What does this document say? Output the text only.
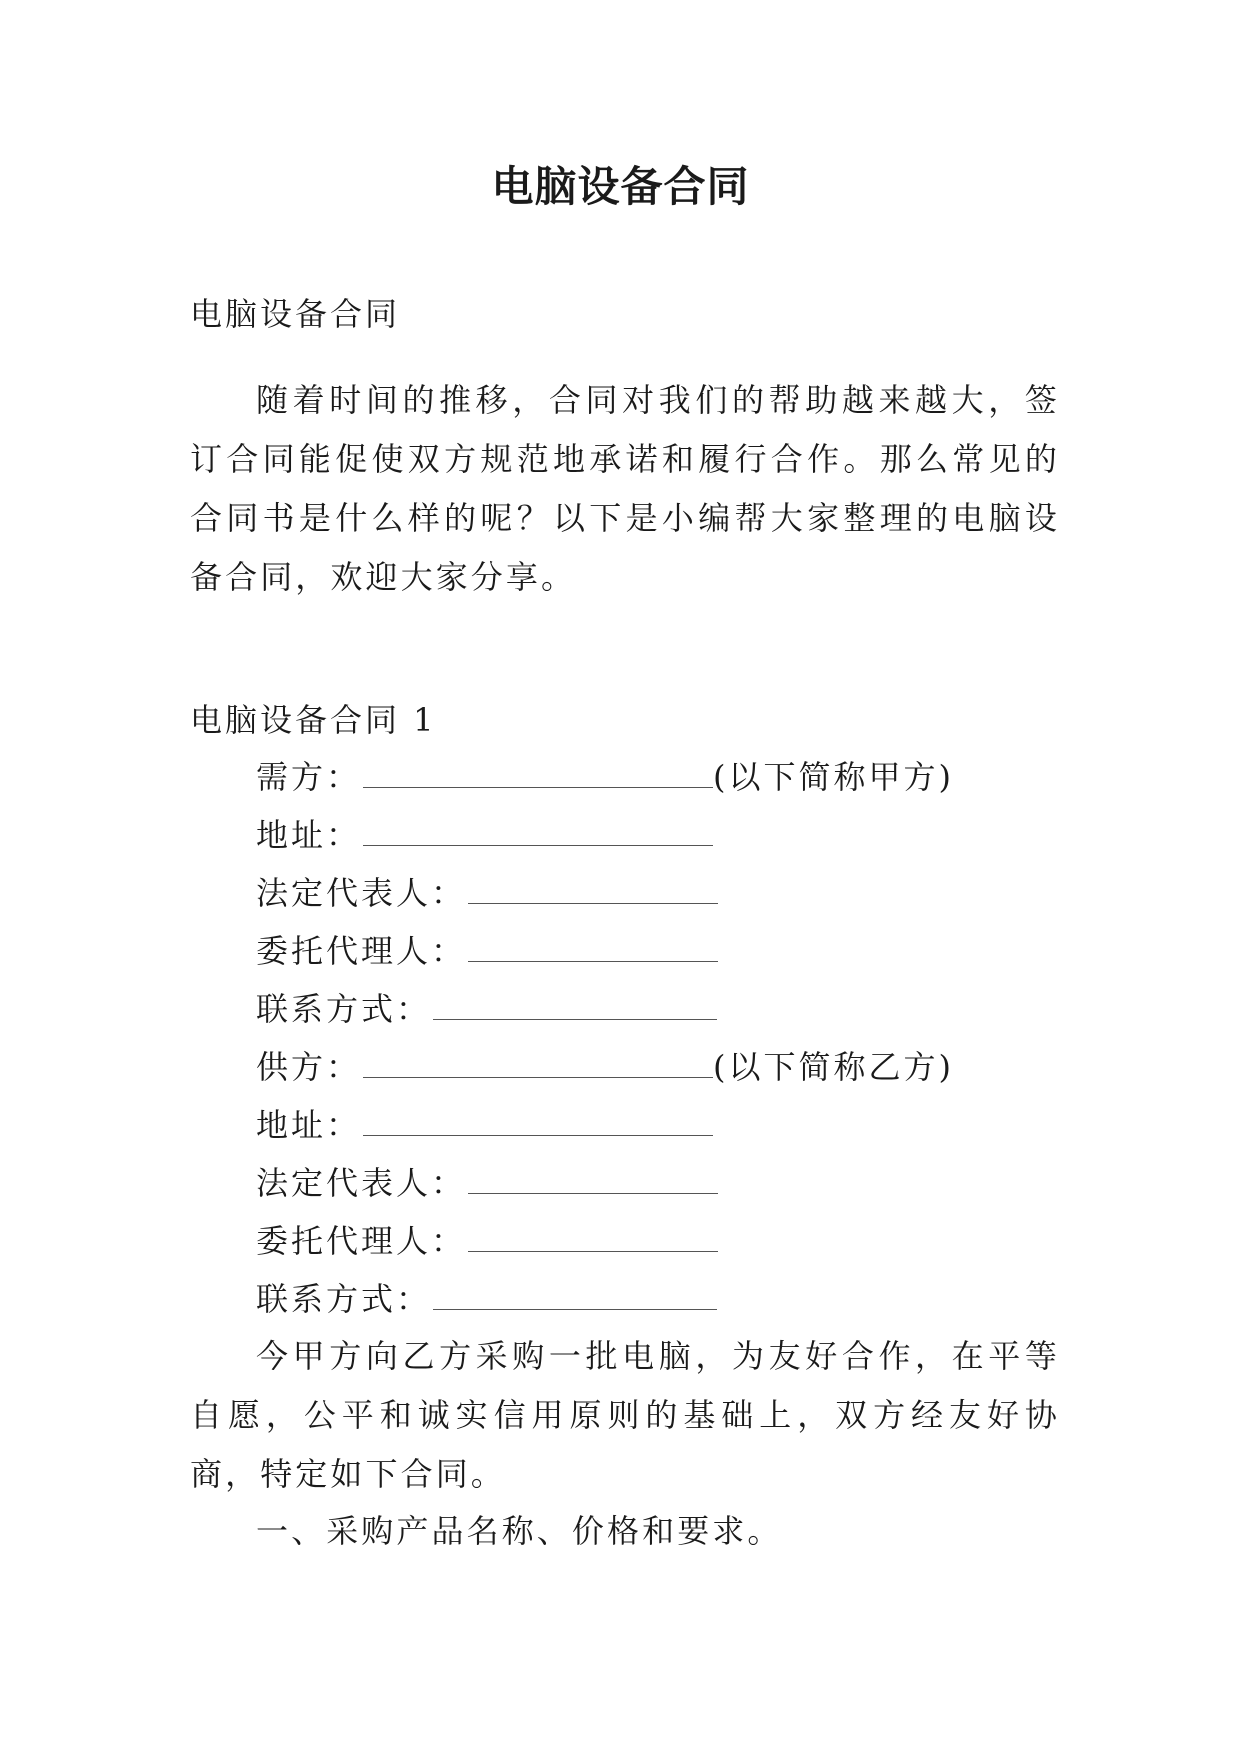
电脑设备合同

电脑设备合同

随着时间的推移，合同对我们的帮助越来越大，签订合同能促使双方规范地承诺和履行合作。那么常见的合同书是什么样的呢？以下是小编帮大家整理的电脑设备合同，欢迎大家分享。

电脑设备合同 1

需方：	(以下简称甲方)
地址：
法定代表人：
委托代理人：
联系方式：
供方：	(以下简称乙方)
地址：
法定代表人：
委托代理人：
联系方式：

今甲方向乙方采购一批电脑，为友好合作，在平等自愿，公平和诚实信用原则的基础上，双方经友好协商，特定如下合同。

一、采购产品名称、价格和要求。
